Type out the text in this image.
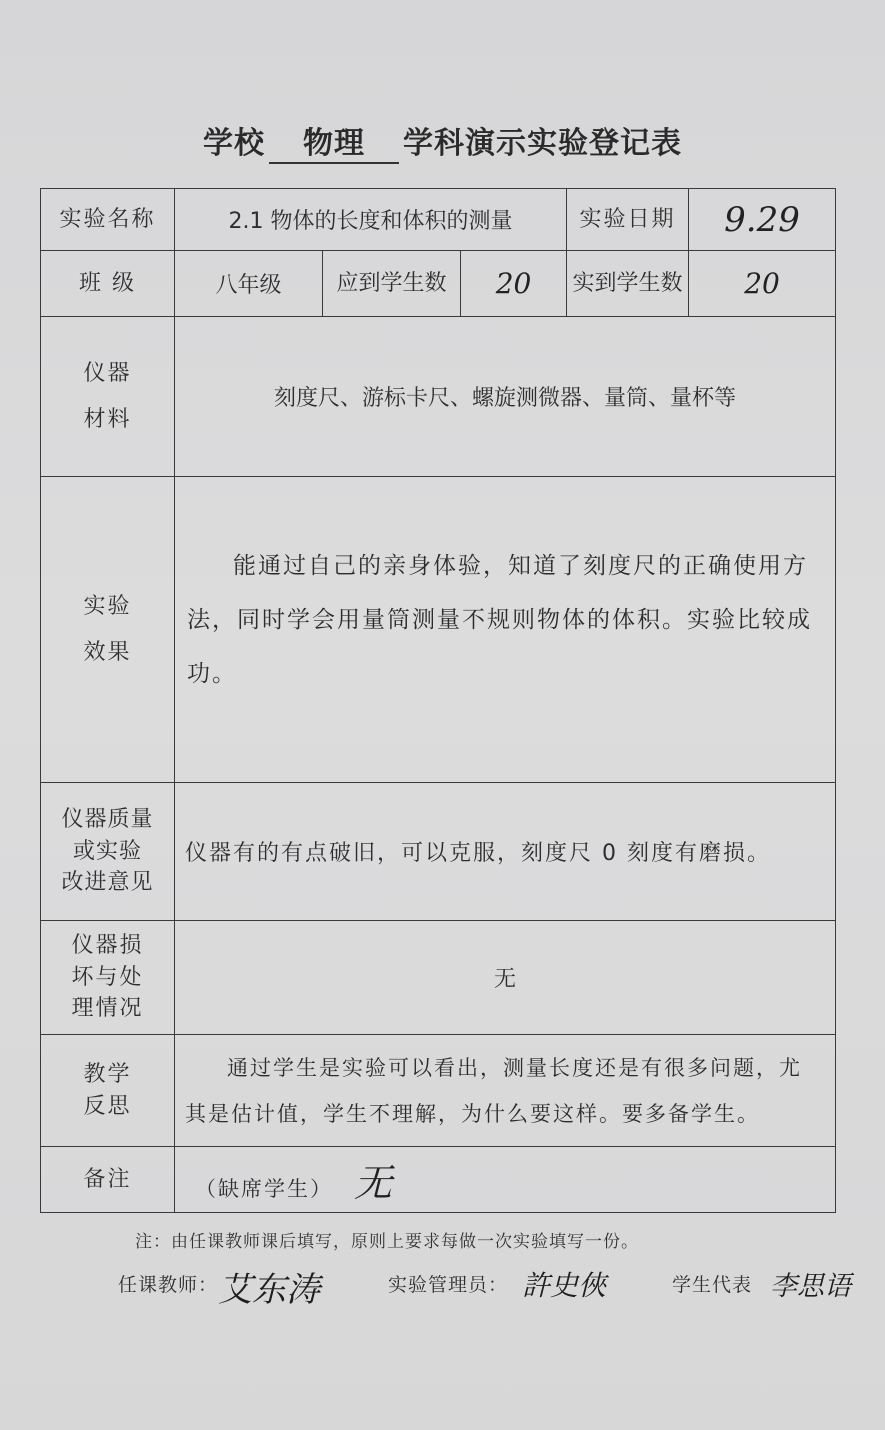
学校 物理 学科演示实验登记表
实验名称	2.1 物体的长度和体积的测量			实验日期	9.29
班 级	八年级	应到学生数	20	实到学生数	20

仪器
材料	刻度尺、游标卡尺、螺旋测微器、量筒、量杯等				

实验
效果	能通过自己的亲身体验，知道了刻度尺的正确使用方法，同时学会用量筒测量不规则物体的体积。实验比较成功。				

仪器质量
或实验
改进意见	仪器有的有点破旧，可以克服，刻度尺 0 刻度有磨损。				

仪器损
坏与处
理情况	无				

教学
反思	通过学生是实验可以看出，测量长度还是有很多问题，尤其是估计值，学生不理解，为什么要这样。要多备学生。				

备注	（缺席学生） 无				
注：由任课教师课后填写，原则上要求每做一次实验填写一份。
任课教师： 艾东涛	实验管理员： 許史俠	学生代表 李思语
